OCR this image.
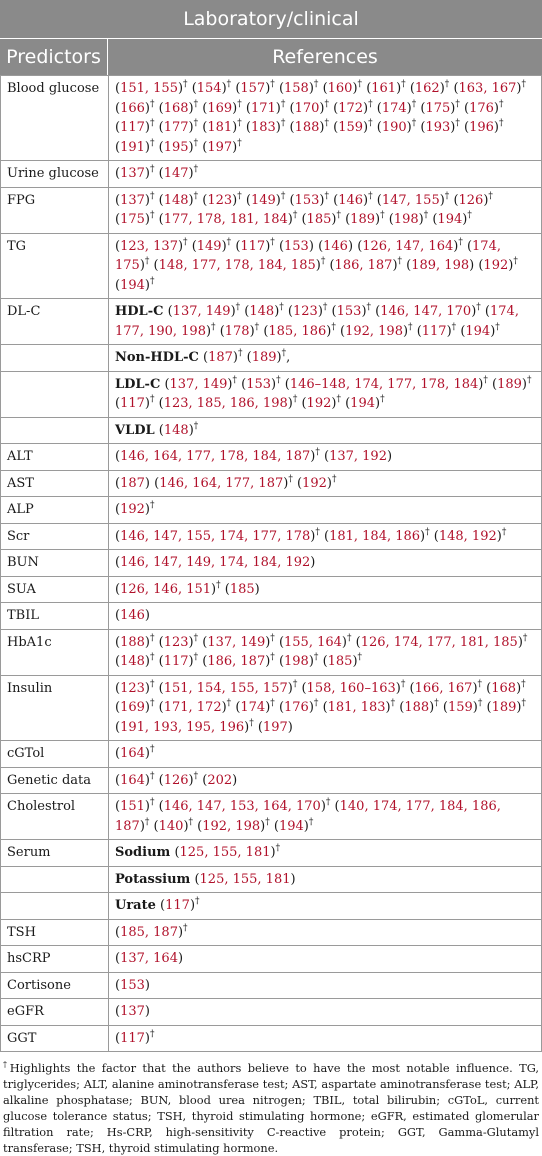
Laboratory/clinical
Predictors	References
Blood glucose	(151, 155)† (154)† (157)† (158)† (160)† (161)† (162)† (163, 167)† (166)† (168)† (169)† (171)† (170)† (172)† (174)† (175)† (176)† (117)† (177)† (181)† (183)† (188)† (159)† (190)† (193)† (196)† (191)† (195)† (197)†
Urine glucose	(137)† (147)†
FPG	(137)† (148)† (123)† (149)† (153)† (146)† (147, 155)† (126)† (175)† (177, 178, 181, 184)† (185)† (189)† (198)† (194)†
TG	(123, 137)† (149)† (117)† (153) (146) (126, 147, 164)† (174, 175)† (148, 177, 178, 184, 185)† (186, 187)† (189, 198) (192)† (194)†
DL-C	HDL-C (137, 149)† (148)† (123)† (153)† (146, 147, 170)† (174, 177, 190, 198)† (178)† (185, 186)† (192, 198)† (117)† (194)†
	Non-HDL-C (187)† (189)†,
	LDL-C (137, 149)† (153)† (146–148, 174, 177, 178, 184)† (189)† (117)† (123, 185, 186, 198)† (192)† (194)†
	VLDL (148)†
ALT	(146, 164, 177, 178, 184, 187)† (137, 192)
AST	(187) (146, 164, 177, 187)† (192)†
ALP	(192)†
Scr	(146, 147, 155, 174, 177, 178)† (181, 184, 186)† (148, 192)†
BUN	(146, 147, 149, 174, 184, 192)
SUA	(126, 146, 151)† (185)
TBIL	(146)
HbA1c	(188)† (123)† (137, 149)† (155, 164)† (126, 174, 177, 181, 185)† (148)† (117)† (186, 187)† (198)† (185)†
Insulin	(123)† (151, 154, 155, 157)† (158, 160–163)† (166, 167)† (168)† (169)† (171, 172)† (174)† (176)† (181, 183)† (188)† (159)† (189)† (191, 193, 195, 196)† (197)
cGTol	(164)†
Genetic data	(164)† (126)† (202)
Cholestrol	(151)† (146, 147, 153, 164, 170)† (140, 174, 177, 184, 186, 187)† (140)† (192, 198)† (194)†
Serum	Sodium (125, 155, 181)†
	Potassium (125, 155, 181)
	Urate (117)†
TSH	(185, 187)†
hsCRP	(137, 164)
Cortisone	(153)
eGFR	(137)
GGT	(117)†
†Highlights the factor that the authors believe to have the most notable influence. TG, triglycerides; ALT, alanine aminotransferase test; AST, aspartate aminotransferase test; ALP, alkaline phosphatase; BUN, blood urea nitrogen; TBIL, total bilirubin; cGToL, current glucose tolerance status; TSH, thyroid stimulating hormone; eGFR, estimated glomerular filtration rate; Hs-CRP, high-sensitivity C-reactive protein; GGT, Gamma-Glutamyl transferase; TSH, thyroid stimulating hormone.
